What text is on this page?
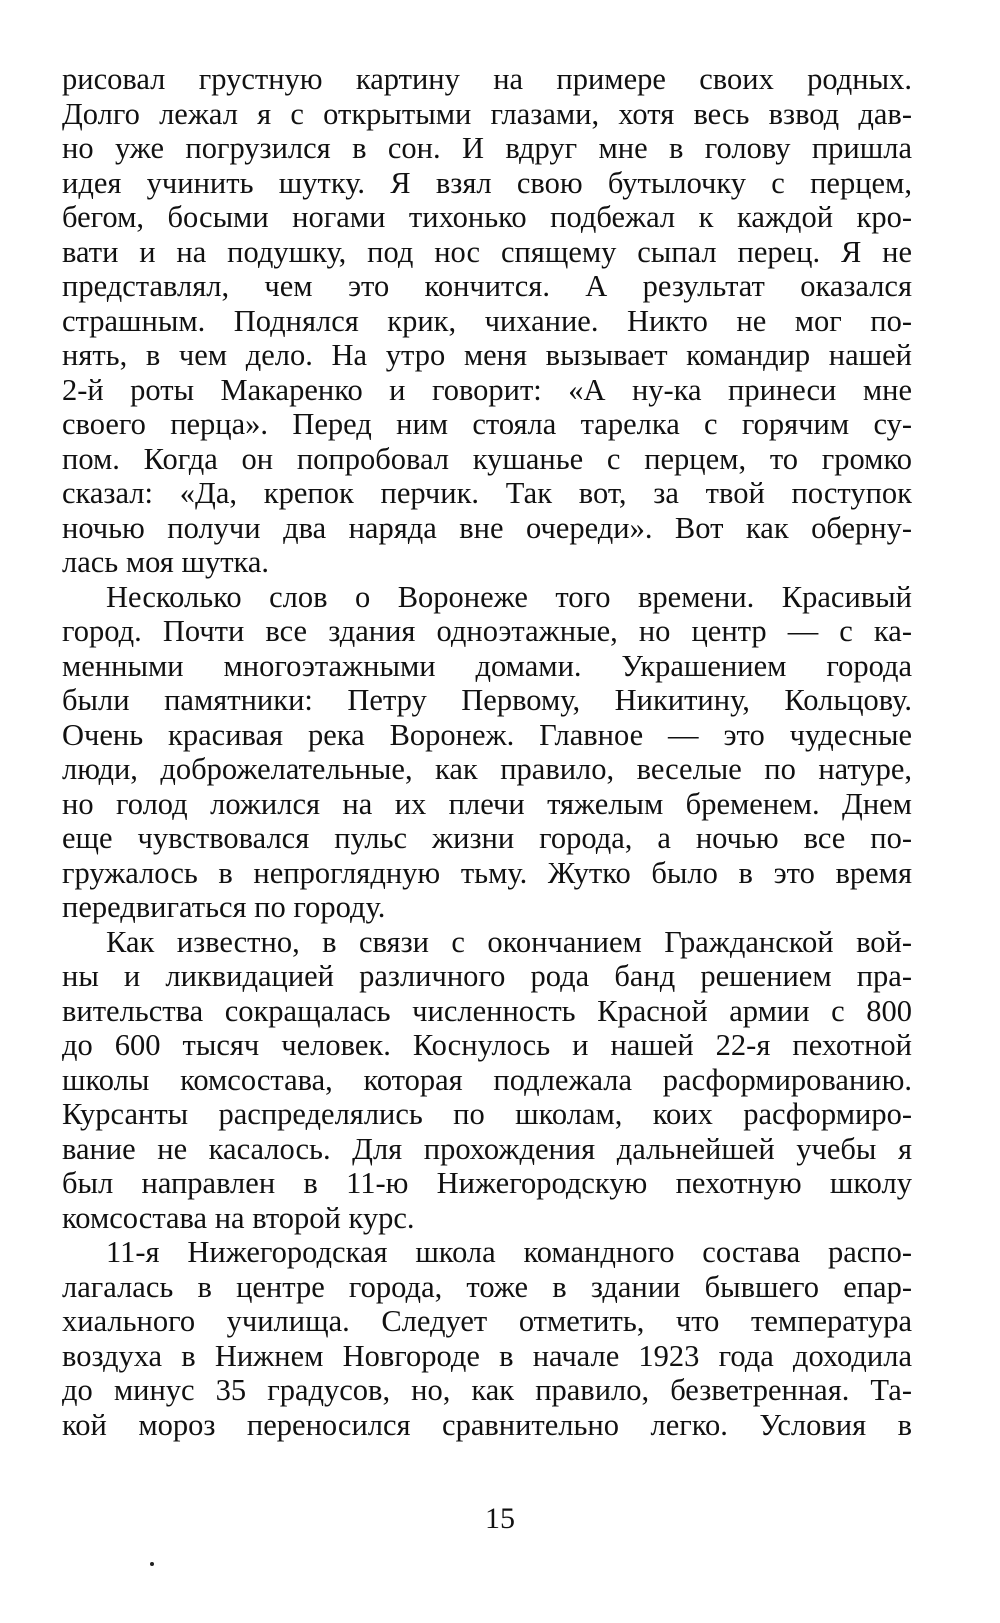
рисовал грустную картину на примере своих родных.
Долго лежал я с открытыми глазами, хотя весь взвод дав-
но уже погрузился в сон. И вдруг мне в голову пришла
идея учинить шутку. Я взял свою бутылочку с перцем,
бегом, босыми ногами тихонько подбежал к каждой кро-
вати и на подушку, под нос спящему сыпал перец. Я не
представлял, чем это кончится. А результат оказался
страшным. Поднялся крик, чихание. Никто не мог по-
нять, в чем дело. На утро меня вызывает командир нашей
2-й роты Макаренко и говорит: «А ну-ка принеси мне
своего перца». Перед ним стояла тарелка с горячим су-
пом. Когда он попробовал кушанье с перцем, то громко
сказал: «Да, крепок перчик. Так вот, за твой поступок
ночью получи два наряда вне очереди». Вот как оберну-
лась моя шутка.
Несколько слов о Воронеже того времени. Красивый
город. Почти все здания одноэтажные, но центр — с ка-
менными многоэтажными домами. Украшением города
были памятники: Петру Первому, Никитину, Кольцову.
Очень красивая река Воронеж. Главное — это чудесные
люди, доброжелательные, как правило, веселые по натуре,
но голод ложился на их плечи тяжелым бременем. Днем
еще чувствовался пульс жизни города, а ночью все по-
гружалось в непроглядную тьму. Жутко было в это время
передвигаться по городу.
Как известно, в связи с окончанием Гражданской вой-
ны и ликвидацией различного рода банд решением пра-
вительства сокращалась численность Красной армии с 800
до 600 тысяч человек. Коснулось и нашей 22-я пехотной
школы комсостава, которая подлежала расформированию.
Курсанты распределялись по школам, коих расформиро-
вание не касалось. Для прохождения дальнейшей учебы я
был направлен в 11-ю Нижегородскую пехотную школу
комсостава на второй курс.
11-я Нижегородская школа командного состава распо-
лагалась в центре города, тоже в здании бывшего епар-
хиального училища. Следует отметить, что температура
воздуха в Нижнем Новгороде в начале 1923 года доходила
до минус 35 градусов, но, как правило, безветренная. Та-
кой мороз переносился сравнительно легко. Условия в
15
